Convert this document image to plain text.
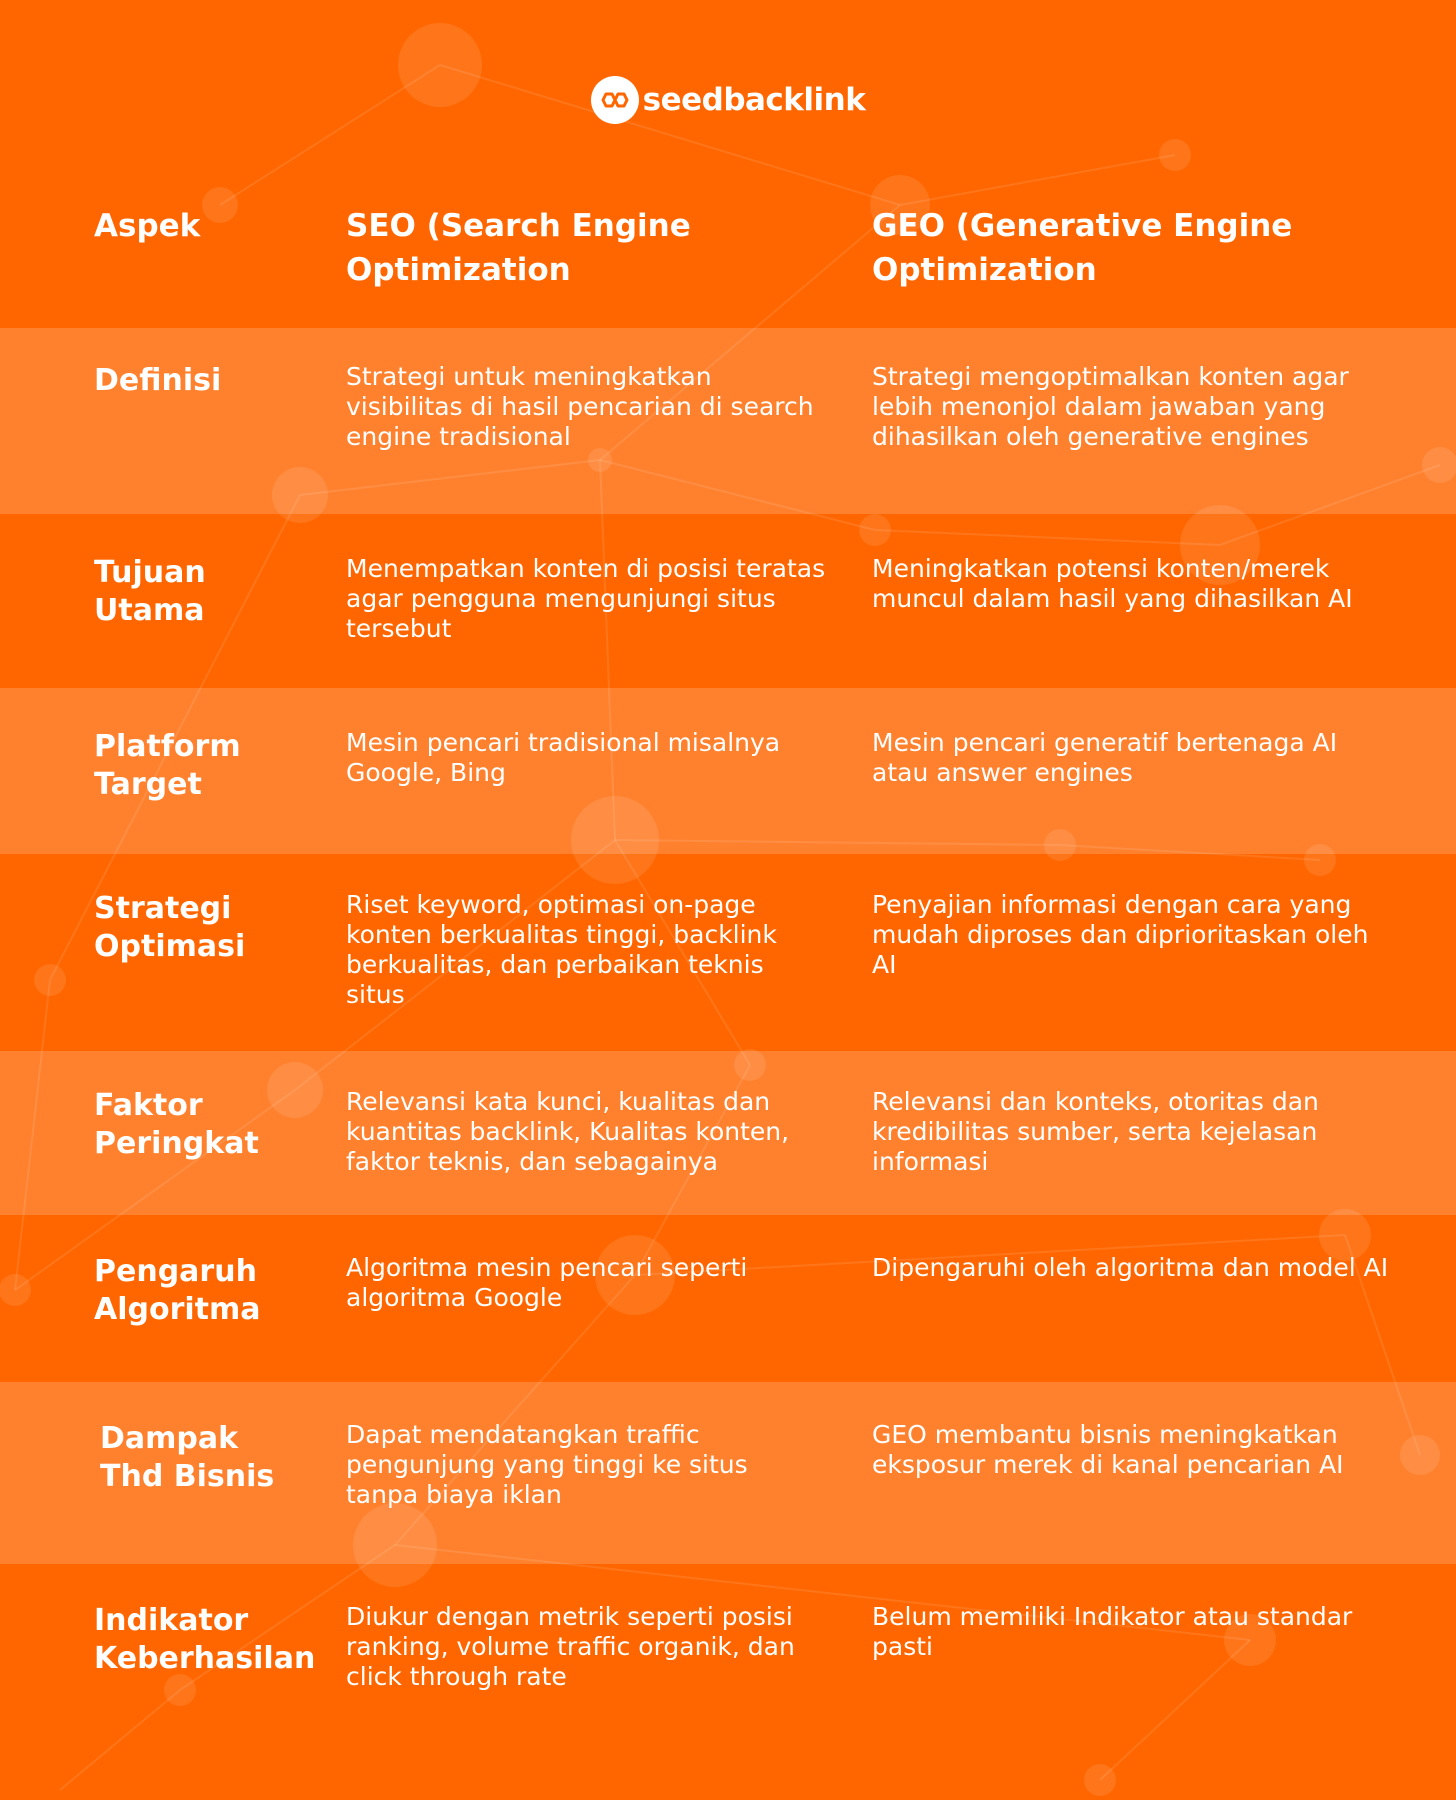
seedbacklink
Aspek	SEO (Search Engine Optimization
GEO (Generative Engine Optimization
Definisi	Strategi untuk meningkatkan visibilitas di hasil pencarian di search engine tradisional
Strategi mengoptimalkan konten agar lebih menonjol dalam jawaban yang dihasilkan oleh generative engines
Tujuan
Utama
Menempatkan konten di posisi teratas agar pengguna mengunjungi situs tersebut
Meningkatkan potensi konten/merek muncul dalam hasil yang dihasilkan AI
Platform
Target
Mesin pencari tradisional misalnya Google, Bing
Mesin pencari generatif bertenaga AI atau answer engines
Strategi
Optimasi
Riset keyword, optimasi on-page konten berkualitas tinggi, backlink berkualitas, dan perbaikan teknis situs
Penyajian informasi dengan cara yang mudah diproses dan diprioritaskan oleh AI
Faktor
Peringkat
Relevansi kata kunci, kualitas dan kuantitas backlink, Kualitas konten, faktor teknis, dan sebagainya
Relevansi dan konteks, otoritas dan kredibilitas sumber, serta kejelasan informasi
Pengaruh
Algoritma
Algoritma mesin pencari seperti algoritma Google
Dipengaruhi oleh algoritma dan model AI
Dampak
Thd Bisnis
Dapat mendatangkan traffic pengunjung yang tinggi ke situs tanpa biaya iklan
GEO membantu bisnis meningkatkan eksposur merek di kanal pencarian AI
Indikator
Keberhasilan
Diukur dengan metrik seperti posisi ranking, volume traffic organik, dan click through rate
Belum memiliki Indikator atau standar pasti
